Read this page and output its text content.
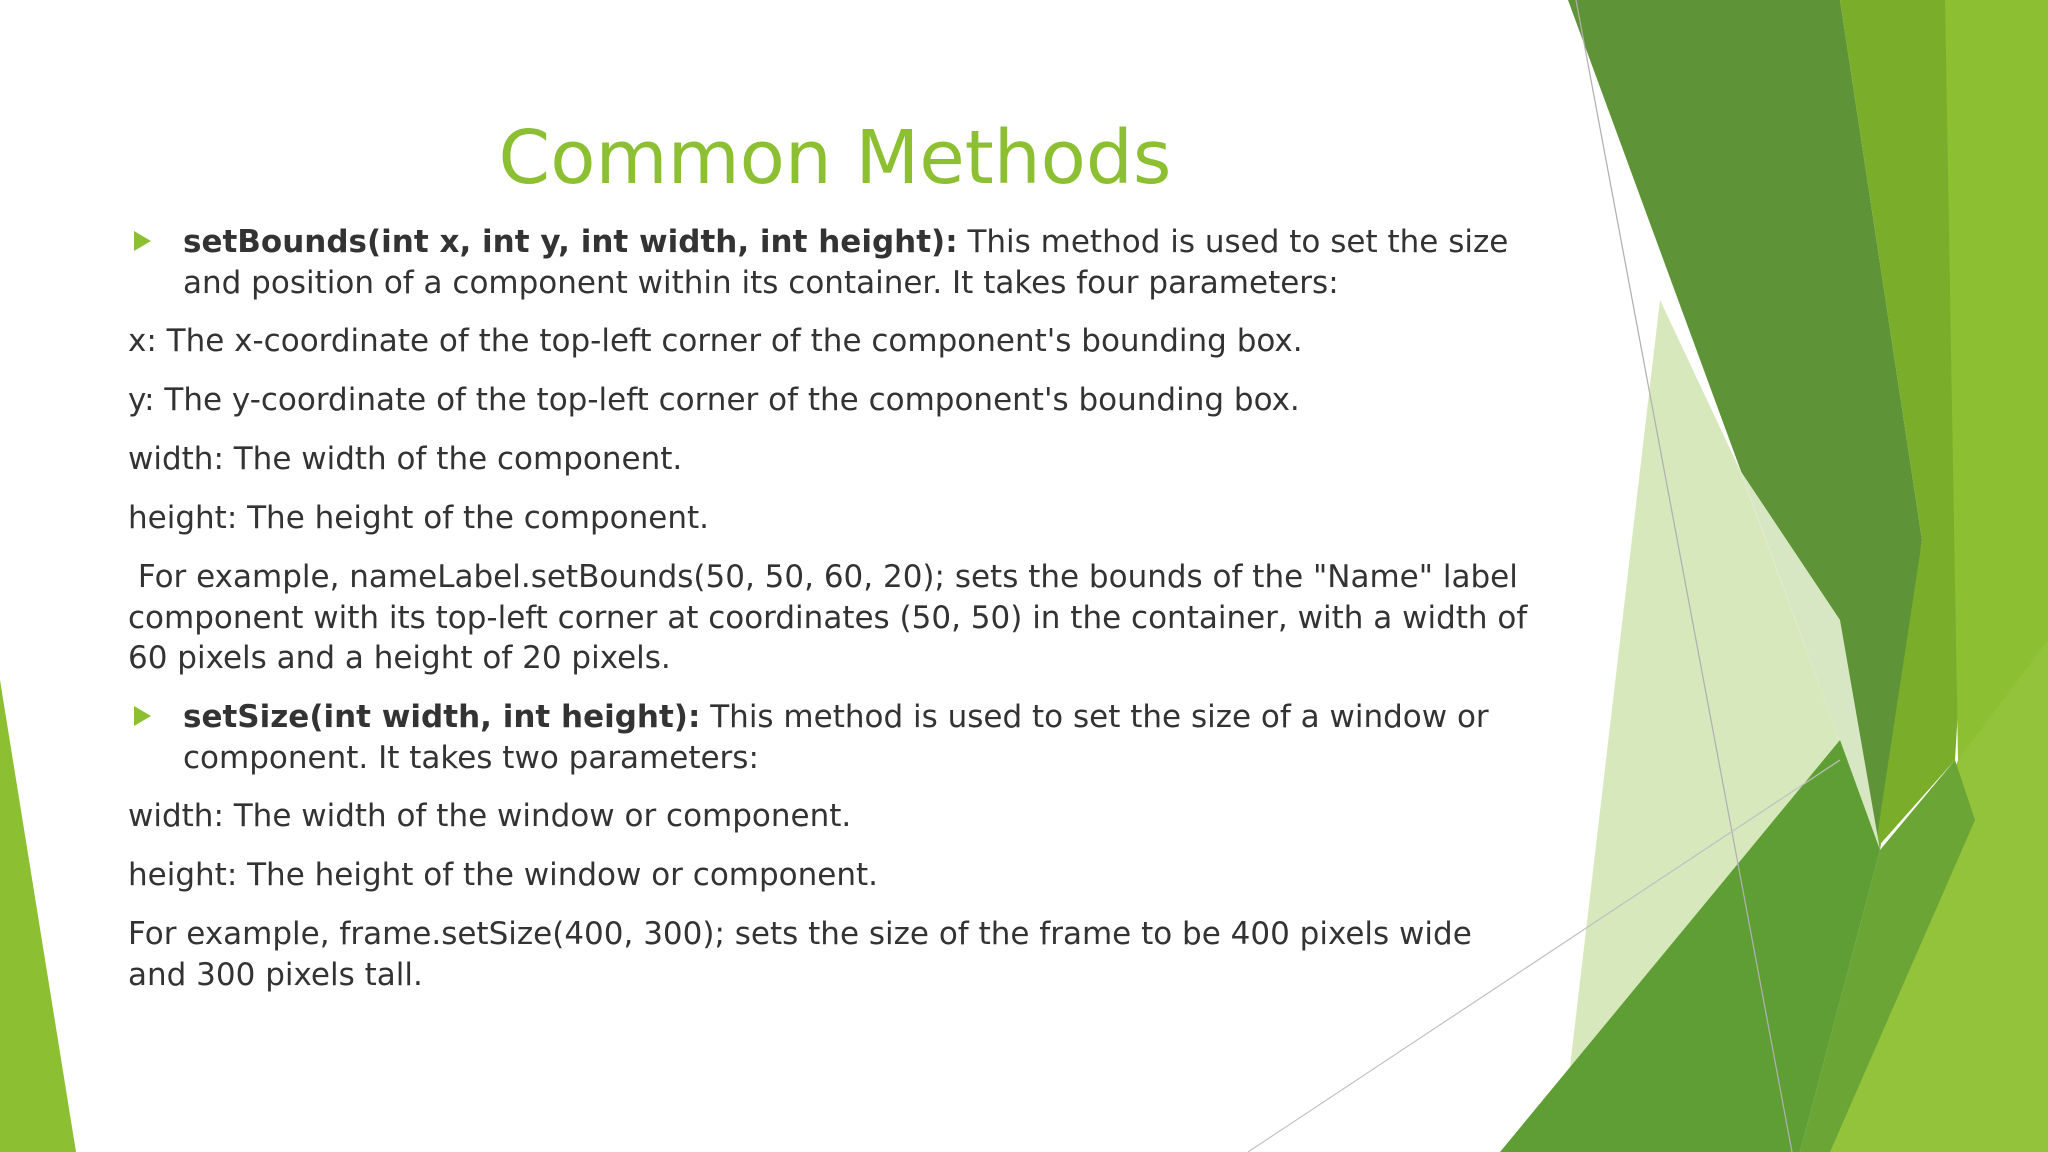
Common Methods
setBounds(int x, int y, int width, int height): This method is used to set the size and position of a component within its container. It takes four parameters:
x: The x-coordinate of the top-left corner of the component's bounding box.
y: The y-coordinate of the top-left corner of the component's bounding box.
width: The width of the component.
height: The height of the component.
For example, nameLabel.setBounds(50, 50, 60, 20); sets the bounds of the "Name" label component with its top-left corner at coordinates (50, 50) in the container, with a width of 60 pixels and a height of 20 pixels.
setSize(int width, int height): This method is used to set the size of a window or component. It takes two parameters:
width: The width of the window or component.
height: The height of the window or component.
For example, frame.setSize(400, 300); sets the size of the frame to be 400 pixels wide and 300 pixels tall.
